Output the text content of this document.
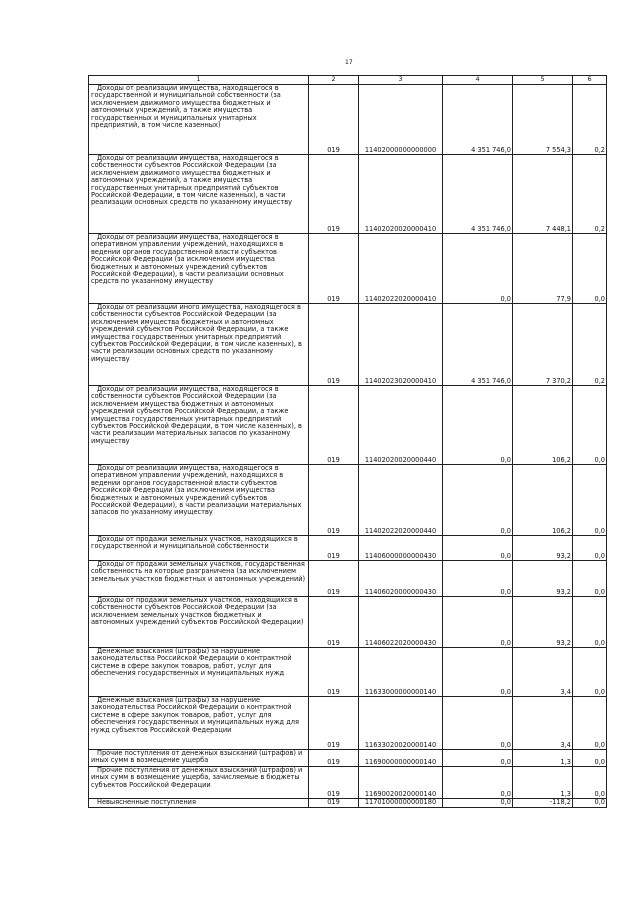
17
1	2	3	4	5	6
Доходы от реализации имущества, находящегося в государственной и муниципальной собственности (за исключением движимого имущества бюджетных и автономных учреждений, а также имущества государственных и муниципальных унитарных предприятий, в том числе казенных)	019	11402000000000000	4 351 746,0	7 554,3	0,2
Доходы от реализации имущества, находящегося в собственности субъектов Российской Федерации (за исключением движимого имущества бюджетных и автономных учреждений, а также имущества государственных унитарных предприятий субъектов Российской Федерации, в том числе казенных), в части реализации основных средств по указанному имуществу	019	11402020020000410	4 351 746,0	7 448,1	0,2
Доходы от реализации имущества, находящегося в оперативном управлении учреждений, находящихся в ведении органов государственной власти субъектов Российской Федерации (за исключением имущества бюджетных и автономных учреждений субъектов Российской Федерации), в части реализации основных средств по указанному имуществу	019	11402022020000410	0,0	77,9	0,0
Доходы от реализации иного имущества, находящегося в собственности субъектов Российской Федерации (за исключением имущества бюджетных и автономных учреждений субъектов Российской Федерации, а также имущества государственных унитарных предприятий субъектов Российской Федерации, в том числе казенных), в части реализации основных средств по указанному имуществу	019	11402023020000410	4 351 746,0	7 370,2	0,2
Доходы от реализации имущества, находящегося в собственности субъектов Российской Федерации (за исключением имущества бюджетных и автономных учреждений субъектов Российской Федерации, а также имущества государственных унитарных предприятий субъектов Российской Федерации, в том числе казенных), в части реализации материальных запасов по указанному имуществу	019	11402020020000440	0,0	106,2	0,0
Доходы от реализации имущества, находящегося в оперативном управлении учреждений, находящихся в ведении органов государственной власти субъектов Российской Федерации (за исключением имущества бюджетных и автономных учреждений субъектов Российской Федерации), в части реализации материальных запасов по указанному имуществу	019	11402022020000440	0,0	106,2	0,0
Доходы от продажи земельных участков, находящихся в государственной и муниципальной собственности	019	11406000000000430	0,0	93,2	0,0
Доходы от продажи земельных участков, государственная собственность на которые разграничена (за исключением земельных участков бюджетных и автономных учреждений)	019	11406020000000430	0,0	93,2	0,0
Доходы от продажи земельных участков, находящихся в собственности субъектов Российской Федерации (за исключением земельных участков бюджетных и автономных учреждений субъектов Российской Федерации)	019	11406022020000430	0,0	93,2	0,0
Денежные взыскания (штрафы) за нарушение законодательства Российской Федерации о контрактной системе в сфере закупок товаров, работ, услуг для обеспечения государственных и муниципальных нужд	019	11633000000000140	0,0	3,4	0,0
Денежные взыскания (штрафы) за нарушение законодательства Российской Федерации о контрактной системе в сфере закупок товаров, работ, услуг для обеспечения государственных и муниципальных нужд для нужд субъектов Российской Федерации	019	11633020020000140	0,0	3,4	0,0
Прочие поступления от денежных взысканий (штрафов) и иных сумм в возмещение ущерба	019	11690000000000140	0,0	1,3	0,0
Прочие поступления от денежных взысканий (штрафов) и иных сумм в возмещение ущерба, зачисляемые в бюджеты субъектов Российской Федерации	019	11690020020000140	0,0	1,3	0,0
Невыясненные поступления	019	11701000000000180	0,0	-118,2	0,0
